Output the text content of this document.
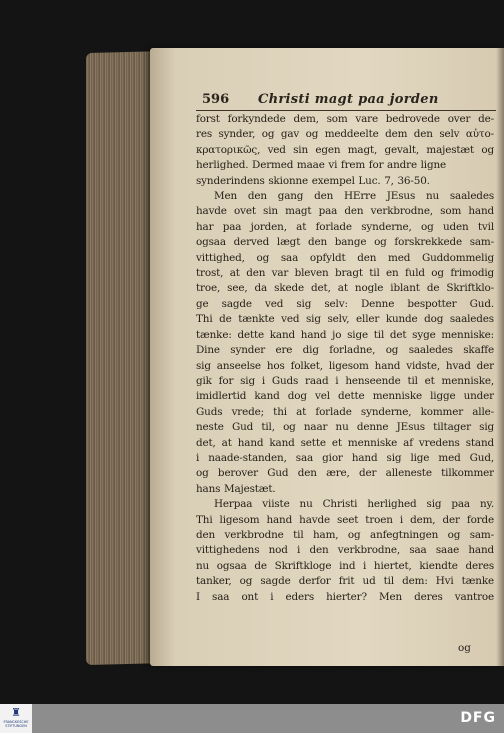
596 Christi magt paa jorden
forst forkyndede dem, som vare bedrovede over de-
res synder, og gav og meddeelte dem den selv αὐτο-
κρατορικῶς, ved sin egen magt, gevalt, majestæt og
herlighed. Dermed maae vi frem for andre ligne
synderindens skionne exempel Luc. 7, 36-50.
Men den gang den HErre JEsus nu saaledes
havde ovet sin magt paa den verkbrodne, som hand
har paa jorden, at forlade synderne, og uden tvil
ogsaa derved lægt den bange og forskrekkede sam-
vittighed, og saa opfyldt den med Guddommelig
trost, at den var bleven bragt til en fuld og frimodig
troe, see, da skede det, at nogle iblant de Skriftklo-
ge sagde ved sig selv: Denne bespotter Gud.
Thi de tænkte ved sig selv, eller kunde dog saaledes
tænke: dette kand hand jo sige til det syge menniske:
Dine synder ere dig forladne, og saaledes skaffe
sig anseelse hos folket, ligesom hand vidste, hvad der
gik for sig i Guds raad i henseende til et menniske,
imidlertid kand dog vel dette menniske ligge under
Guds vrede; thi at forlade synderne, kommer alle-
neste Gud til, og naar nu denne JEsus tiltager sig
det, at hand kand sette et menniske af vredens stand
i naade-standen, saa gior hand sig lige med Gud,
og berover Gud den ære, der alleneste tilkommer
hans Majestæt.
Herpaa viiste nu Christi herlighed sig paa ny.
Thi ligesom hand havde seet troen i dem, der forde
den verkbrodne til ham, og anfegtningen og sam-
vittighedens nod i den verkbrodne, saa saae hand
nu ogsaa de Skriftkloge ind i hiertet, kiendte deres
tanker, og sagde derfor frit ud til dem: Hvi tænke
I saa ont i eders hierter? Men deres vantroe
og
♜
FRANCKESCHE STIFTUNGEN	DFG
